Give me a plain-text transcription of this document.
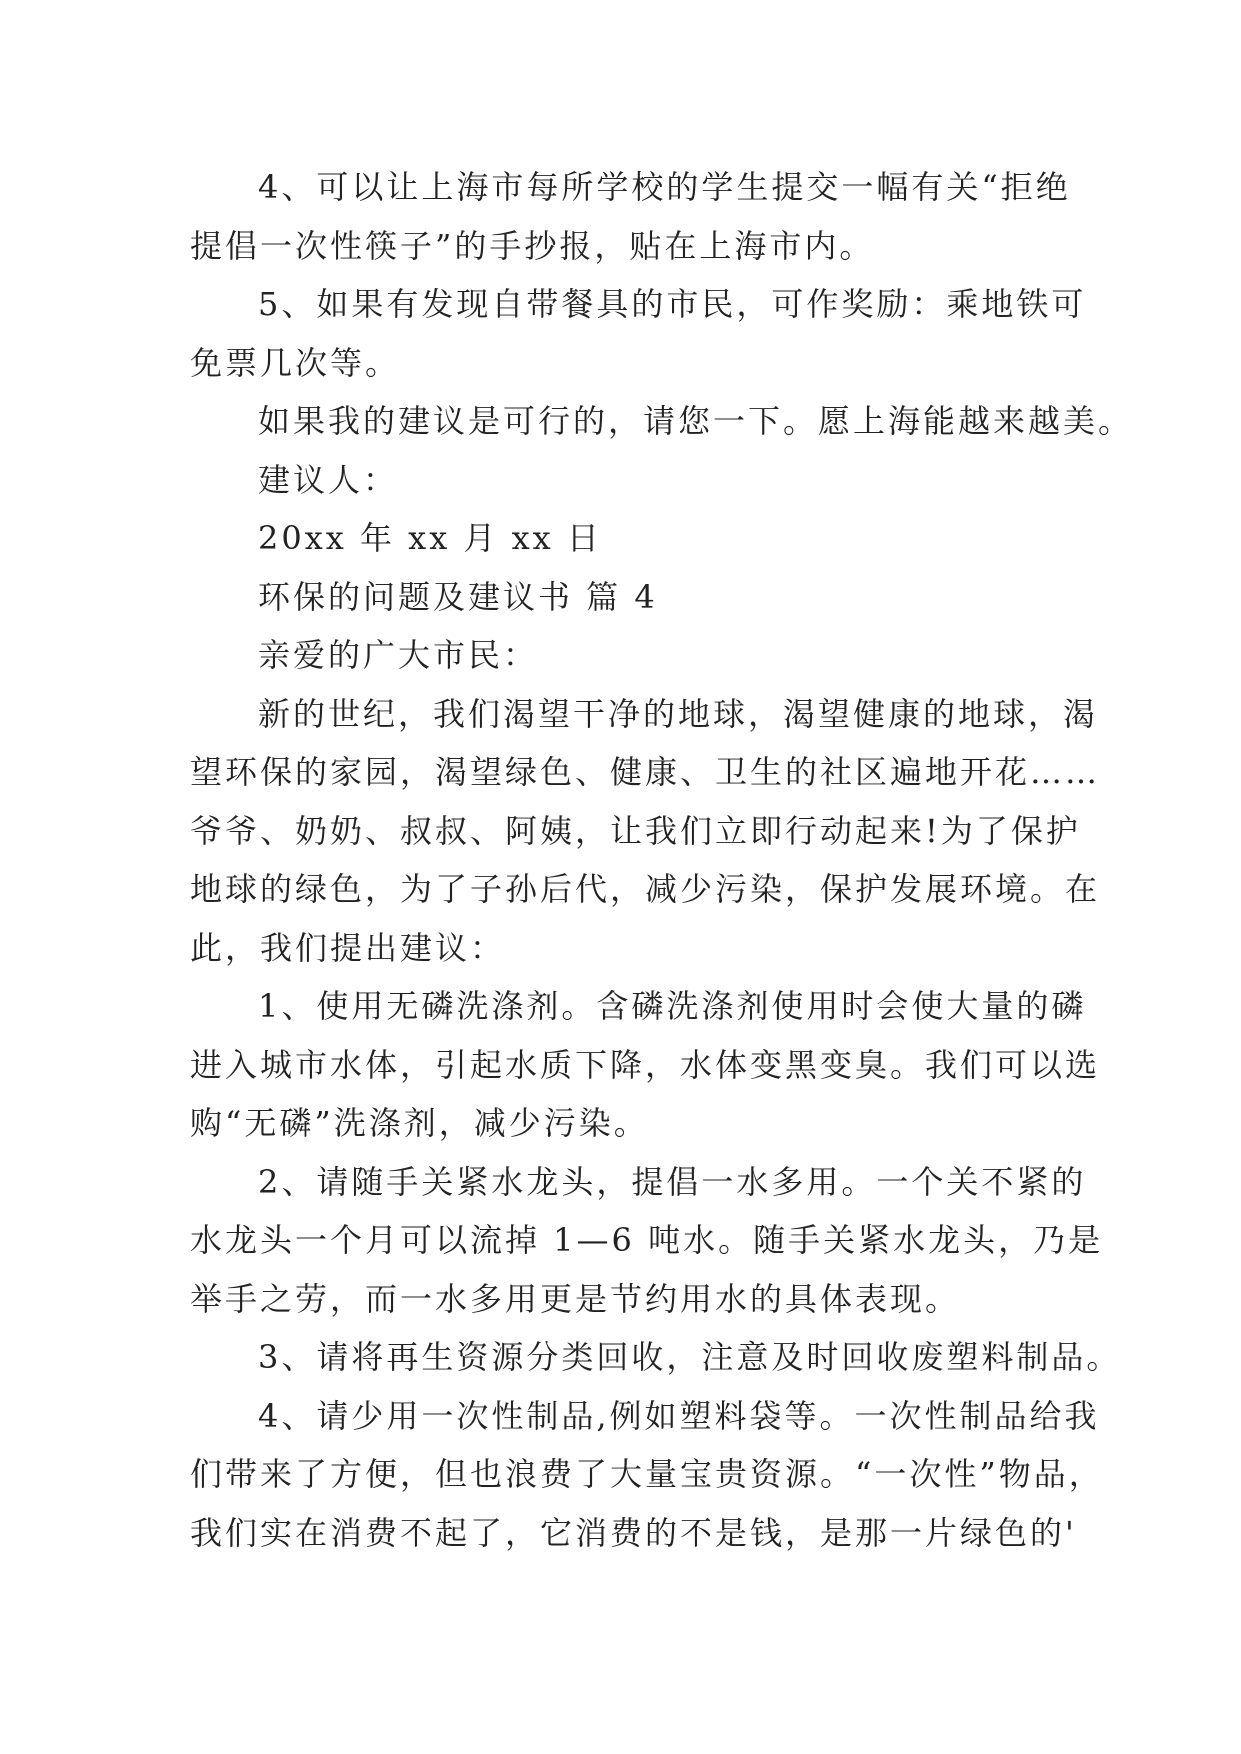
4、可以让上海市每所学校的学生提交一幅有关“拒绝
提倡一次性筷子”的手抄报，贴在上海市内。
5、如果有发现自带餐具的市民，可作奖励：乘地铁可
免票几次等。
如果我的建议是可行的，请您一下。愿上海能越来越美。
建议人：
20xx 年 xx 月 xx 日
环保的问题及建议书 篇 4
亲爱的广大市民：
新的世纪，我们渴望干净的地球，渴望健康的地球，渴
望环保的家园，渴望绿色、健康、卫生的社区遍地开花……
爷爷、奶奶、叔叔、阿姨，让我们立即行动起来!为了保护
地球的绿色，为了子孙后代，减少污染，保护发展环境。在
此，我们提出建议：
1、使用无磷洗涤剂。含磷洗涤剂使用时会使大量的磷
进入城市水体，引起水质下降，水体变黑变臭。我们可以选
购“无磷”洗涤剂，减少污染。
2、请随手关紧水龙头，提倡一水多用。一个关不紧的
水龙头一个月可以流掉 1—6 吨水。随手关紧水龙头，乃是
举手之劳，而一水多用更是节约用水的具体表现。
3、请将再生资源分类回收，注意及时回收废塑料制品。
4、请少用一次性制品,例如塑料袋等。一次性制品给我
们带来了方便，但也浪费了大量宝贵资源。“一次性”物品，
我们实在消费不起了，它消费的不是钱，是那一片绿色的'
